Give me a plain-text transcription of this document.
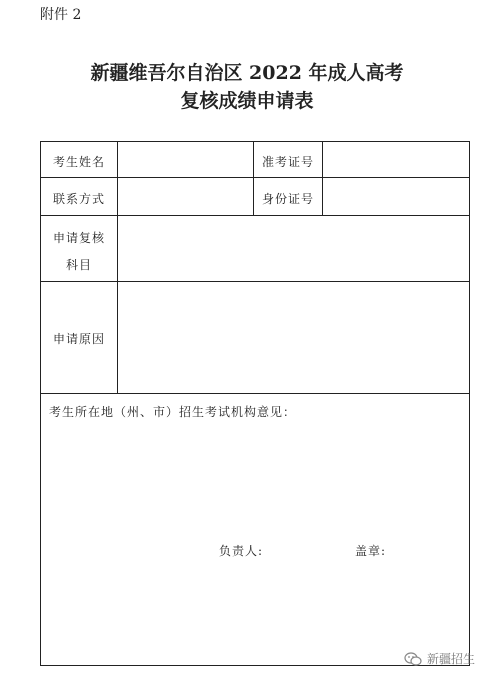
附件 2
新疆维吾尔自治区 2022 年成人高考
复核成绩申请表
考生姓名	准考证号
联系方式	身份证号
申请复核
科目
申请原因
考生所在地（州、市）招生考试机构意见：
负责人:	盖章:
新疆招生
